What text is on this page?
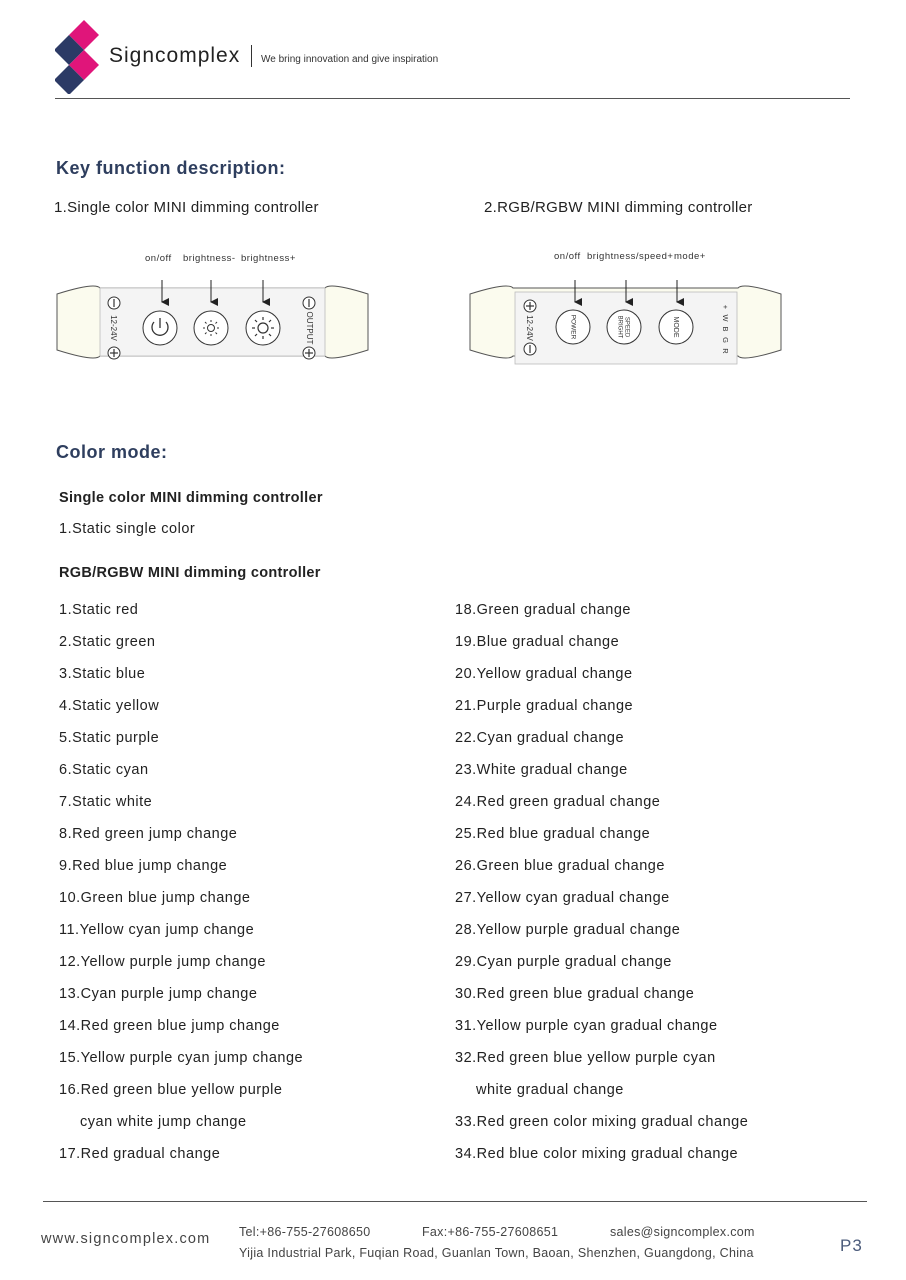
Signcomplex We bring innovation and give inspiration
Key function description:
1.Single color MINI dimming controller	2.RGB/RGBW MINI dimming controller
on/off brightness- brightness+
12-24V	OUTPUT
on/off brightness/speed+ mode+
POWER	SPEED
BRIGHT	MODE
12-24V
+
W
B
G
R
Color mode:
Single color MINI dimming controller
1.Static single color
RGB/RGBW MINI dimming controller
1.Static red
2.Static green
3.Static blue
4.Static yellow
5.Static purple
6.Static cyan
7.Static white
8.Red green jump change
9.Red blue jump change
10.Green blue jump change
11.Yellow cyan jump change
12.Yellow purple jump change
13.Cyan purple jump change
14.Red green blue jump change
15.Yellow purple cyan jump change
16.Red green blue yellow purple
cyan white jump change
17.Red gradual change
18.Green gradual change
19.Blue gradual change
20.Yellow gradual change
21.Purple gradual change
22.Cyan gradual change
23.White gradual change
24.Red green gradual change
25.Red blue gradual change
26.Green blue gradual change
27.Yellow cyan gradual change
28.Yellow purple gradual change
29.Cyan purple gradual change
30.Red green blue gradual change
31.Yellow purple cyan gradual change
32.Red green blue yellow purple cyan
white gradual change
33.Red green color mixing gradual change
34.Red blue color mixing gradual change
www.signcomplex.com Tel:+86-755-27608650	Fax:+86-755-27608651	sales@signcomplex.com
Yijia Industrial Park, Fuqian Road, Guanlan Town, Baoan, Shenzhen, Guangdong, China	P3
